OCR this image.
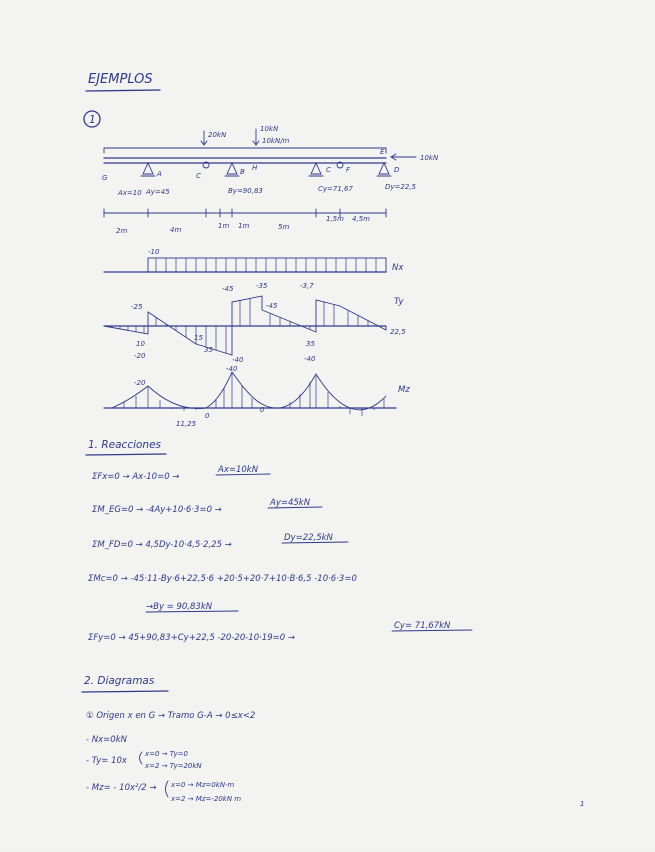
EJEMPLOS
1
20kN
10kN
10kN/m
10kN
G	A	C	B H	C F	D
E
Ax=10 Ay=45	By=90,83	Cy=71,67	Dy=22,5
2m	4m	1m 1m	5m
1,5m 4,5m
-10
Nx
-25
-45	-35
-45
-3,7
22,5
10
-20
15
35
-40
35
-40
Ty
-20
-40
11,25
0
0
Mz
1. Reacciones
ΣFx=0 → Ax-10=0 →
Ax=10kN
ΣM_EG=0 → -4Ay+10·6·3=0 →
Ay=45kN
ΣM_FD=0 → 4,5Dy-10·4,5·2,25 →
Dy=22,5kN
ΣMc=0 → -45·11-By·6+22,5·6 +20·5+20·7+10·B·6,5 -10·6·3=0
→By = 90,83kN
ΣFy=0 → 45+90,83+Cy+22,5 -20-20-10·19=0 →
Cy= 71,67kN
2. Diagramas
① Origen x en G → Tramo G-A → 0≤x<2
- Nx=0kN
- Ty= 10x
x=0 → Ty=0
x=2 → Ty=20kN
- Mz= - 10x²/2 → x=0 → Mz=0kN·m
x=2 → Mz=-20kN m
1
